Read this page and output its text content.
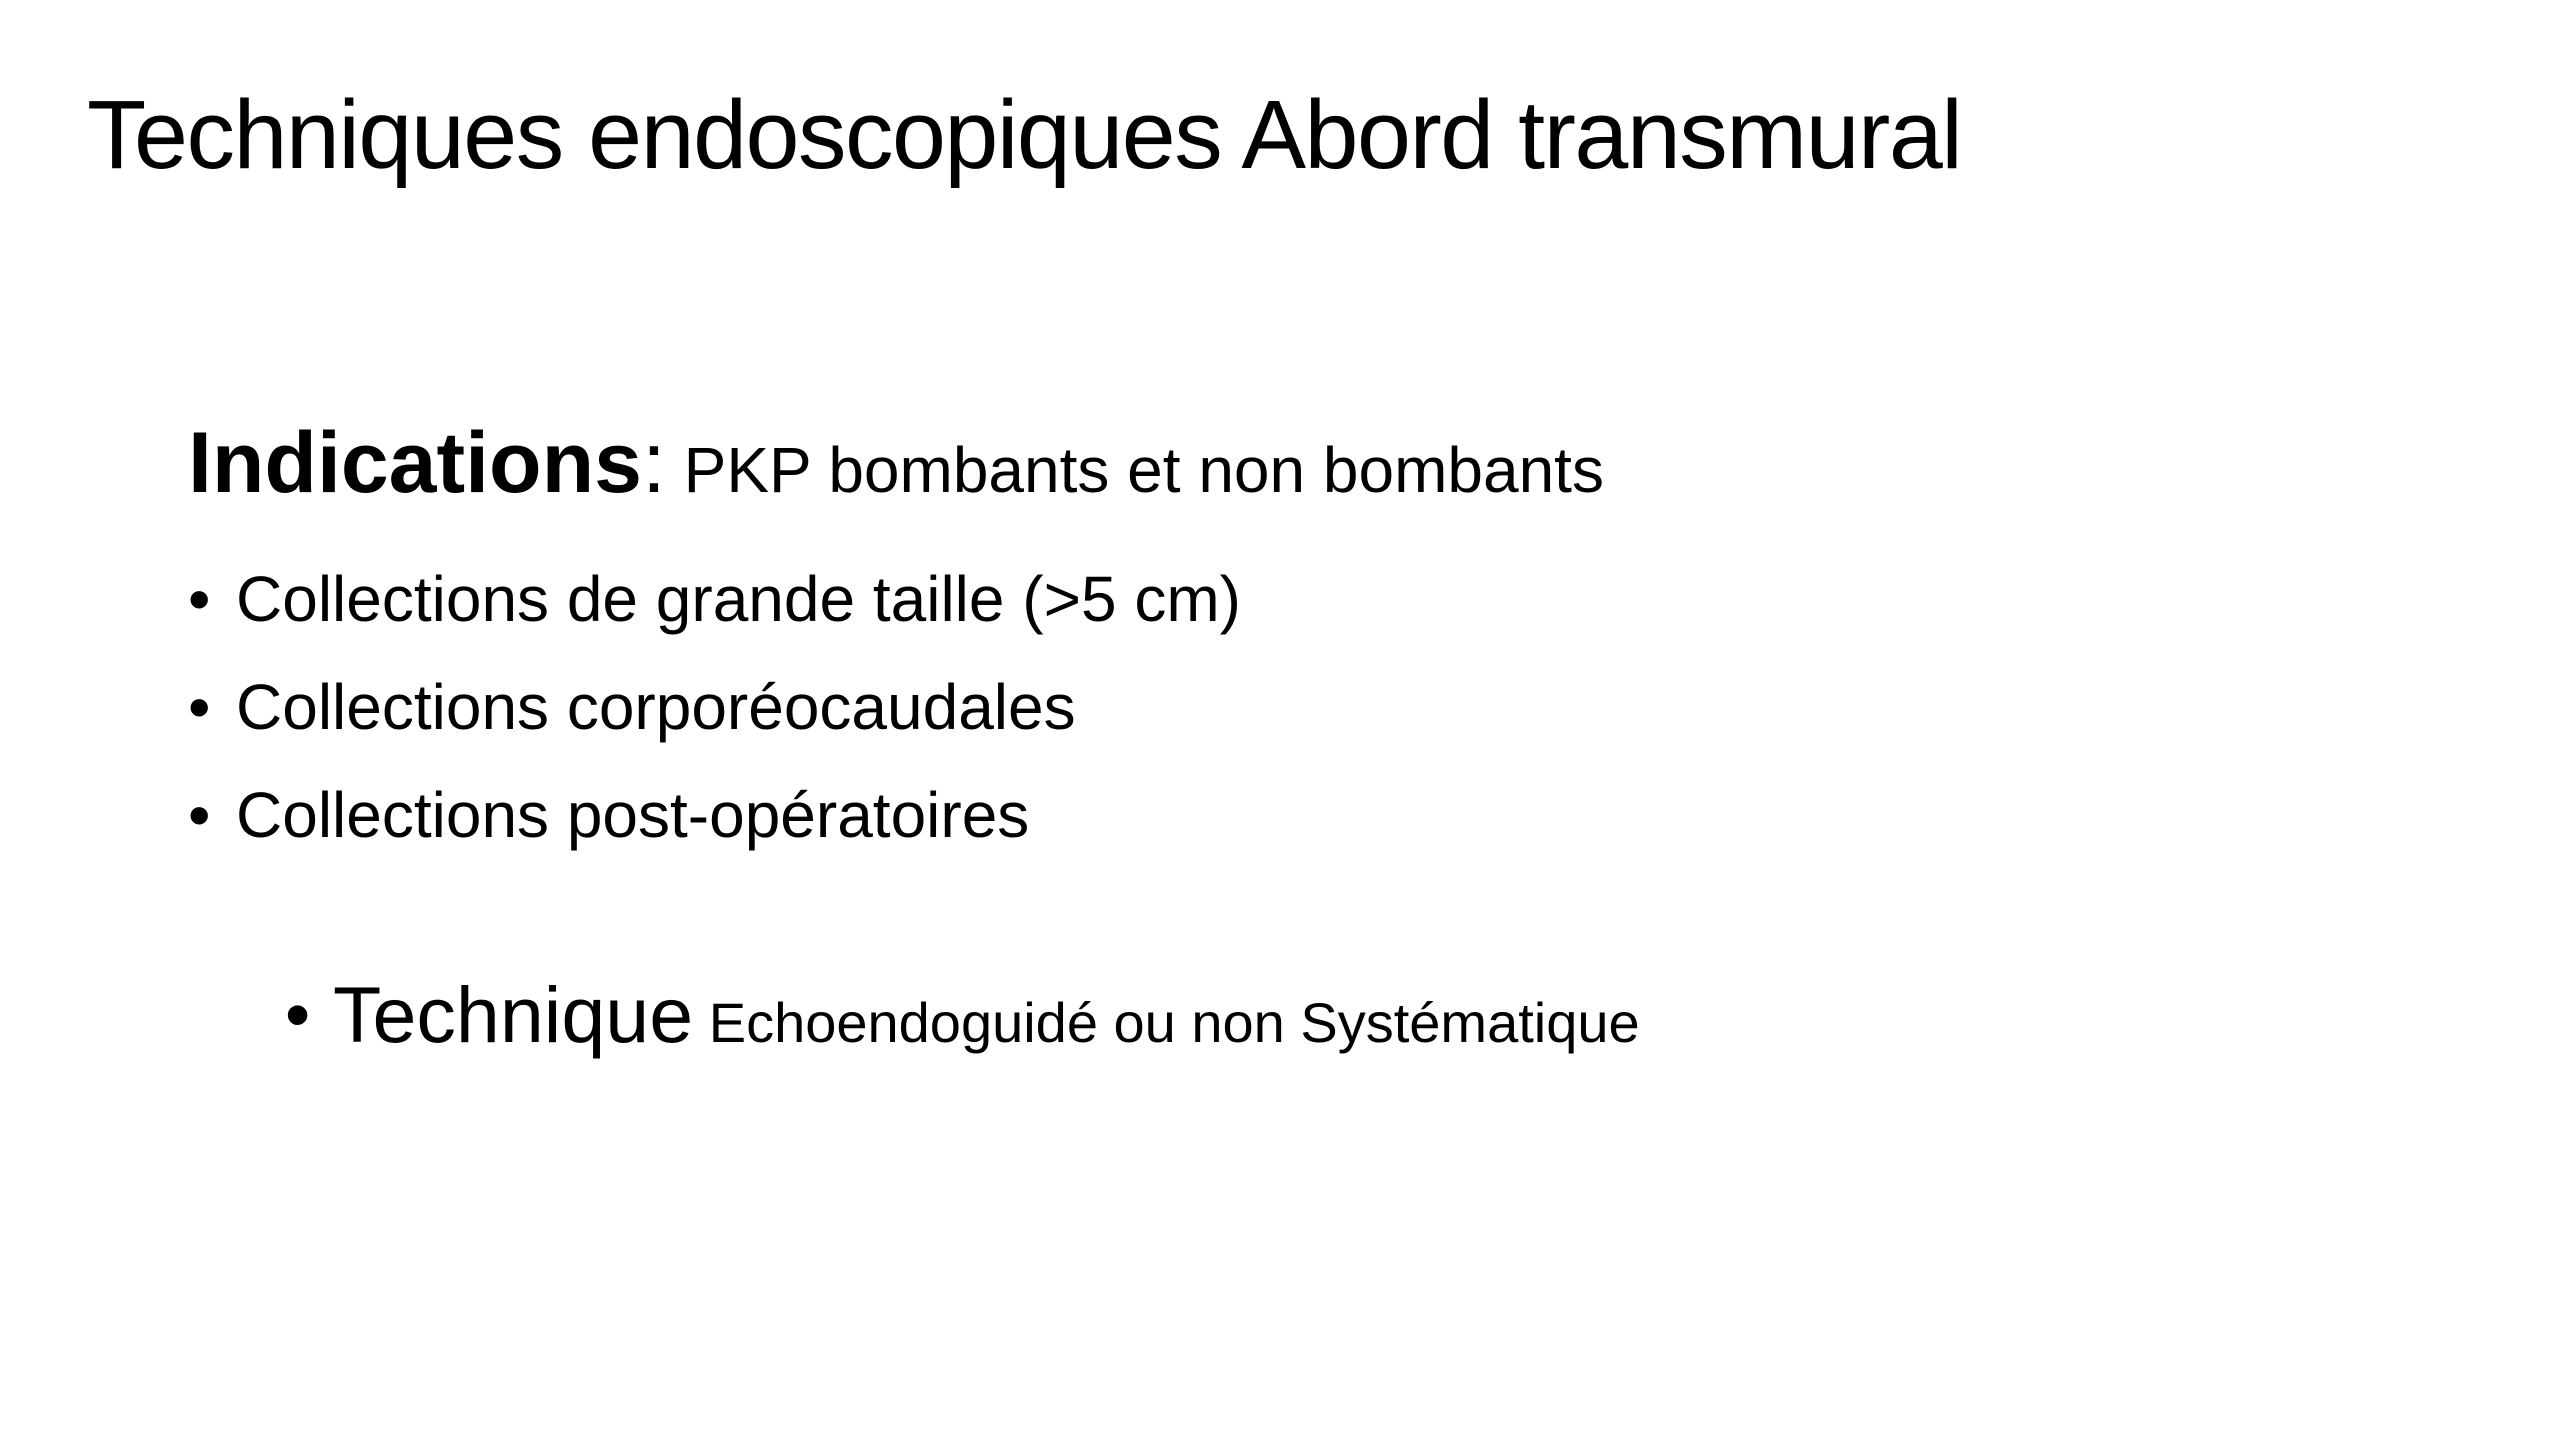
Techniques endoscopiques Abord transmural
Indications: PKP bombants et non bombants
• Collections de grande taille (>5 cm)
• Collections corporéocaudales
• Collections post-opératoires
• Technique Echoendoguidé ou non Systématique
